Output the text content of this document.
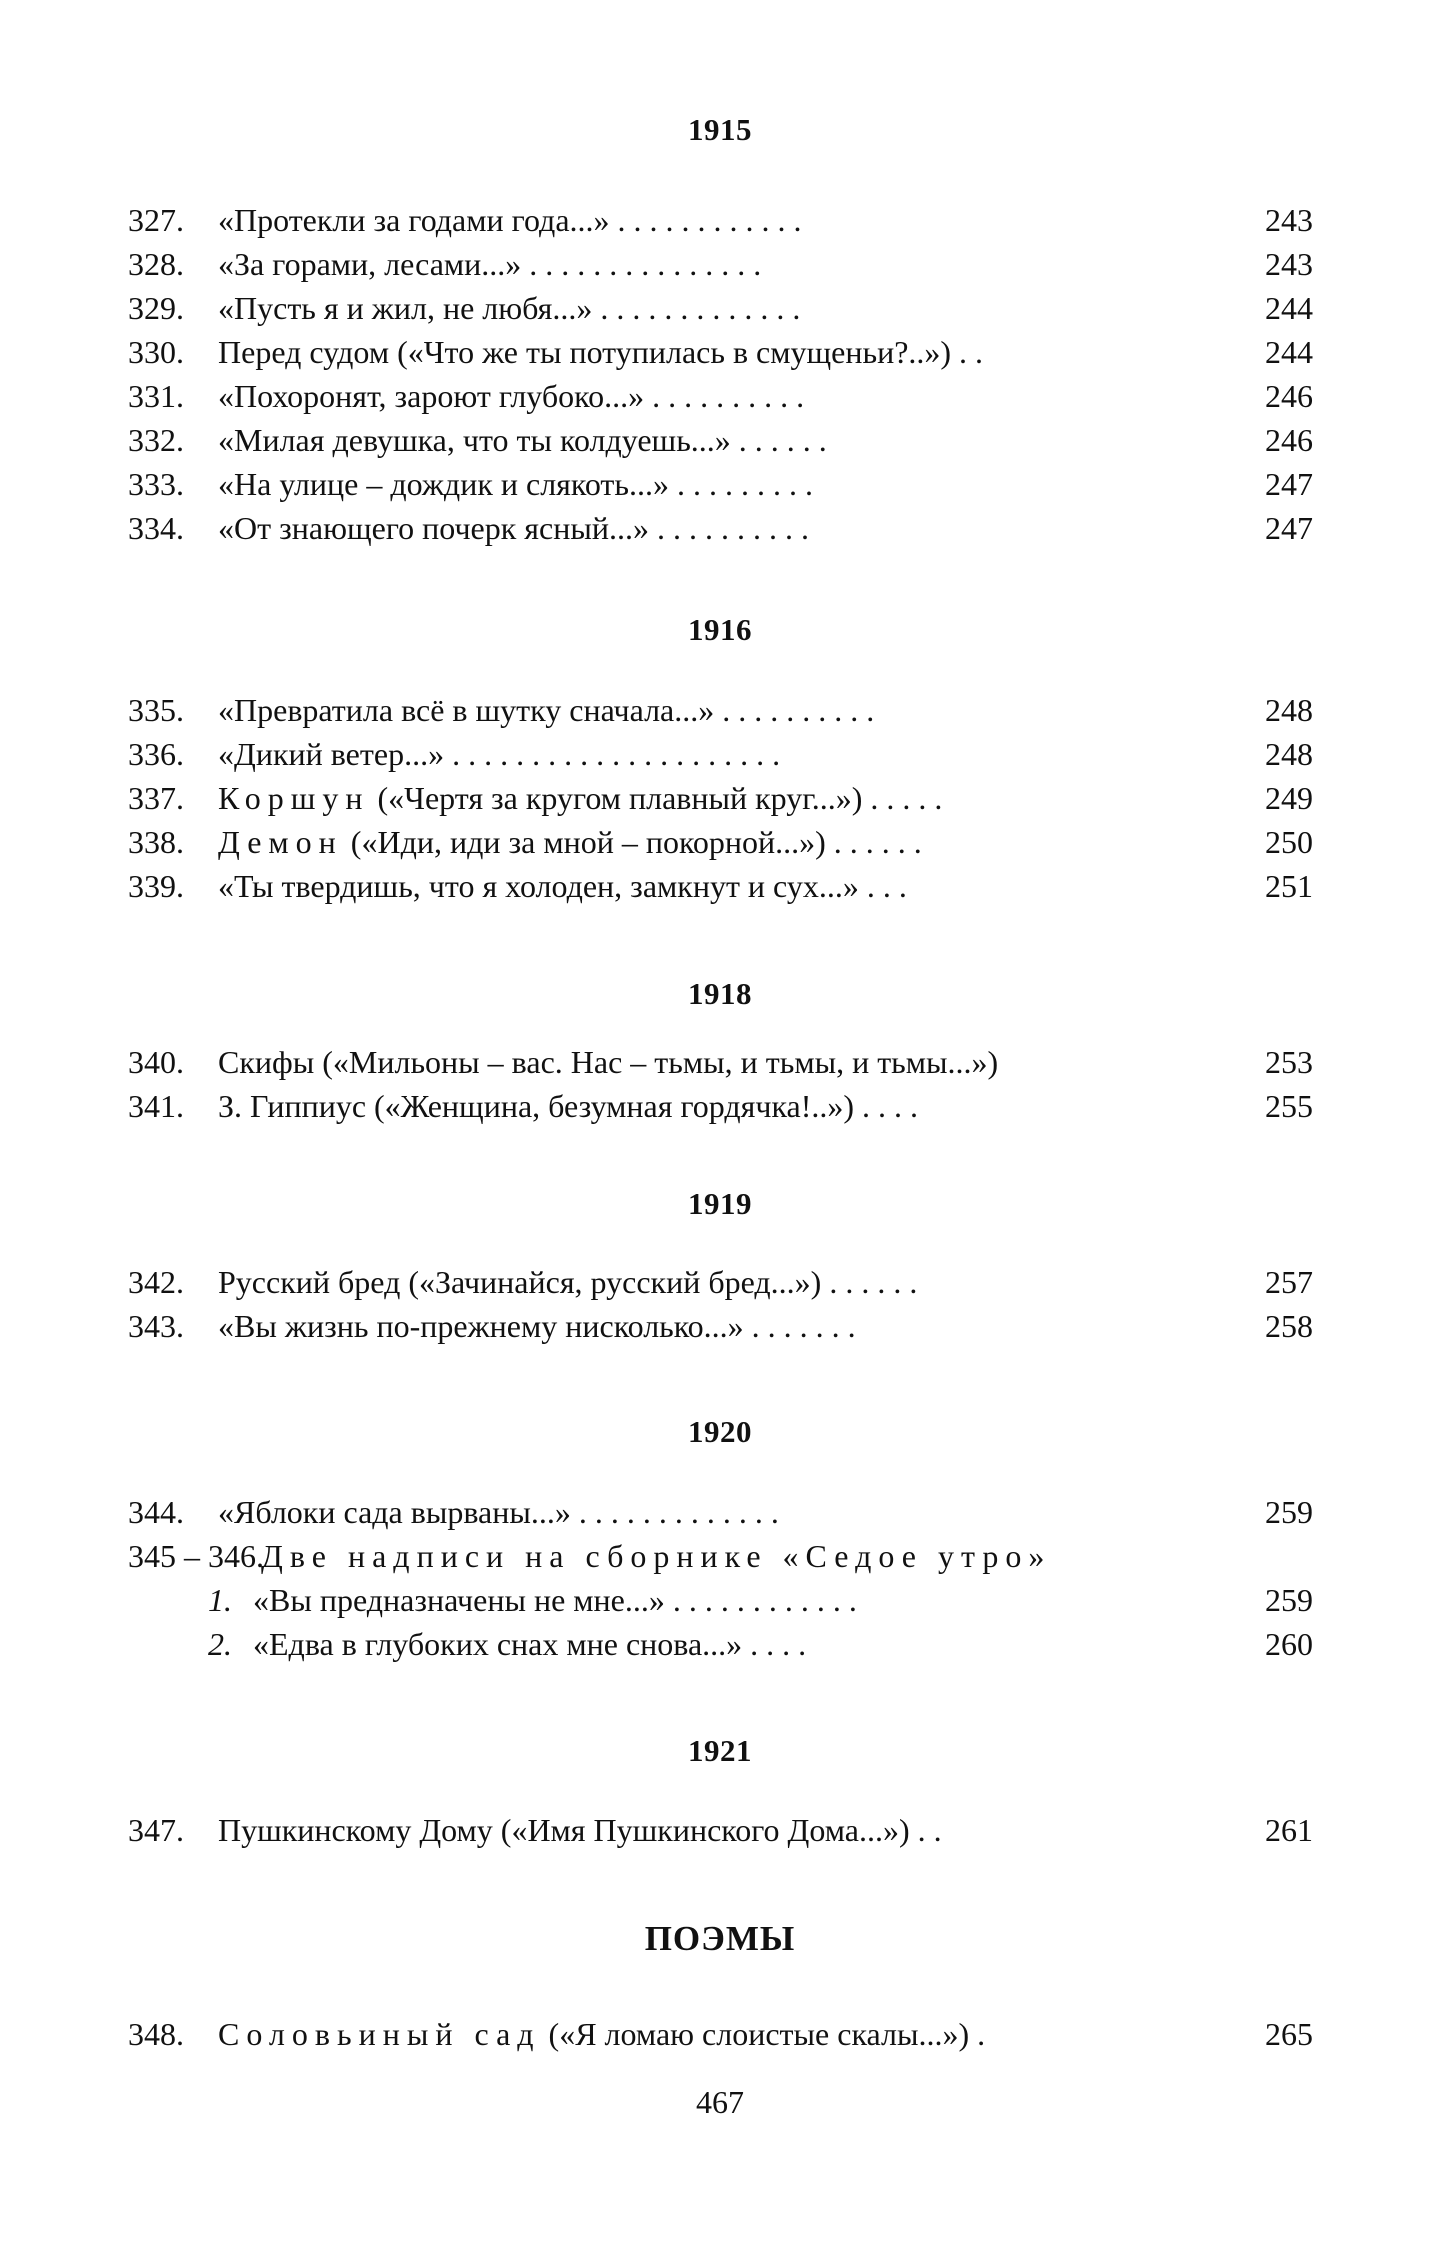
1915
327. «Протекли за годами года...» . . . . . . . . . . . .	243
328. «За горами, лесами...» . . . . . . . . . . . . . . .	243
329. «Пусть я и жил, не любя...» . . . . . . . . . . . . .	244
330. Перед судом («Что же ты потупилась в смущеньи?..») . .	244
331. «Похоронят, зароют глубоко...» . . . . . . . . . .	246
332. «Милая девушка, что ты колдуешь...» . . . . . .	246
333. «На улице – дождик и слякоть...» . . . . . . . . .	247
334. «От знающего почерк ясный...» . . . . . . . . . .	247
1916
335. «Превратила всё в шутку сначала...» . . . . . . . . . .	248
336. «Дикий ветер...» . . . . . . . . . . . . . . . . . . . . .	248
337. Коршун («Чертя за кругом плавный круг...») . . . . .	249
338. Демон («Иди, иди за мной – покорной...») . . . . . .	250
339. «Ты твердишь, что я холоден, замкнут и сух...» . . .	251
1918
340. Скифы («Мильоны – вас. Нас – тьмы, и тьмы, и тьмы...»)	253
341. З. Гиппиус («Женщина, безумная гордячка!..») . . . .	255
1919
342. Русский бред («Зачинайся, русский бред...») . . . . . .	257
343. «Вы жизнь по-прежнему нисколько...» . . . . . . .	258
1920
344. «Яблоки сада вырваны...» . . . . . . . . . . . . .	259
345 – 346.
Две надписи на сборнике «Седое утро»
1. «Вы предназначены не мне...» . . . . . . . . . . . .	259
2. «Едва в глубоких снах мне снова...» . . . .	260
1921
347. Пушкинскому Дому («Имя Пушкинского Дома...») . .	261
ПОЭМЫ
348. Соловьиный сад («Я ломаю слоистые скалы...») .	265
467
